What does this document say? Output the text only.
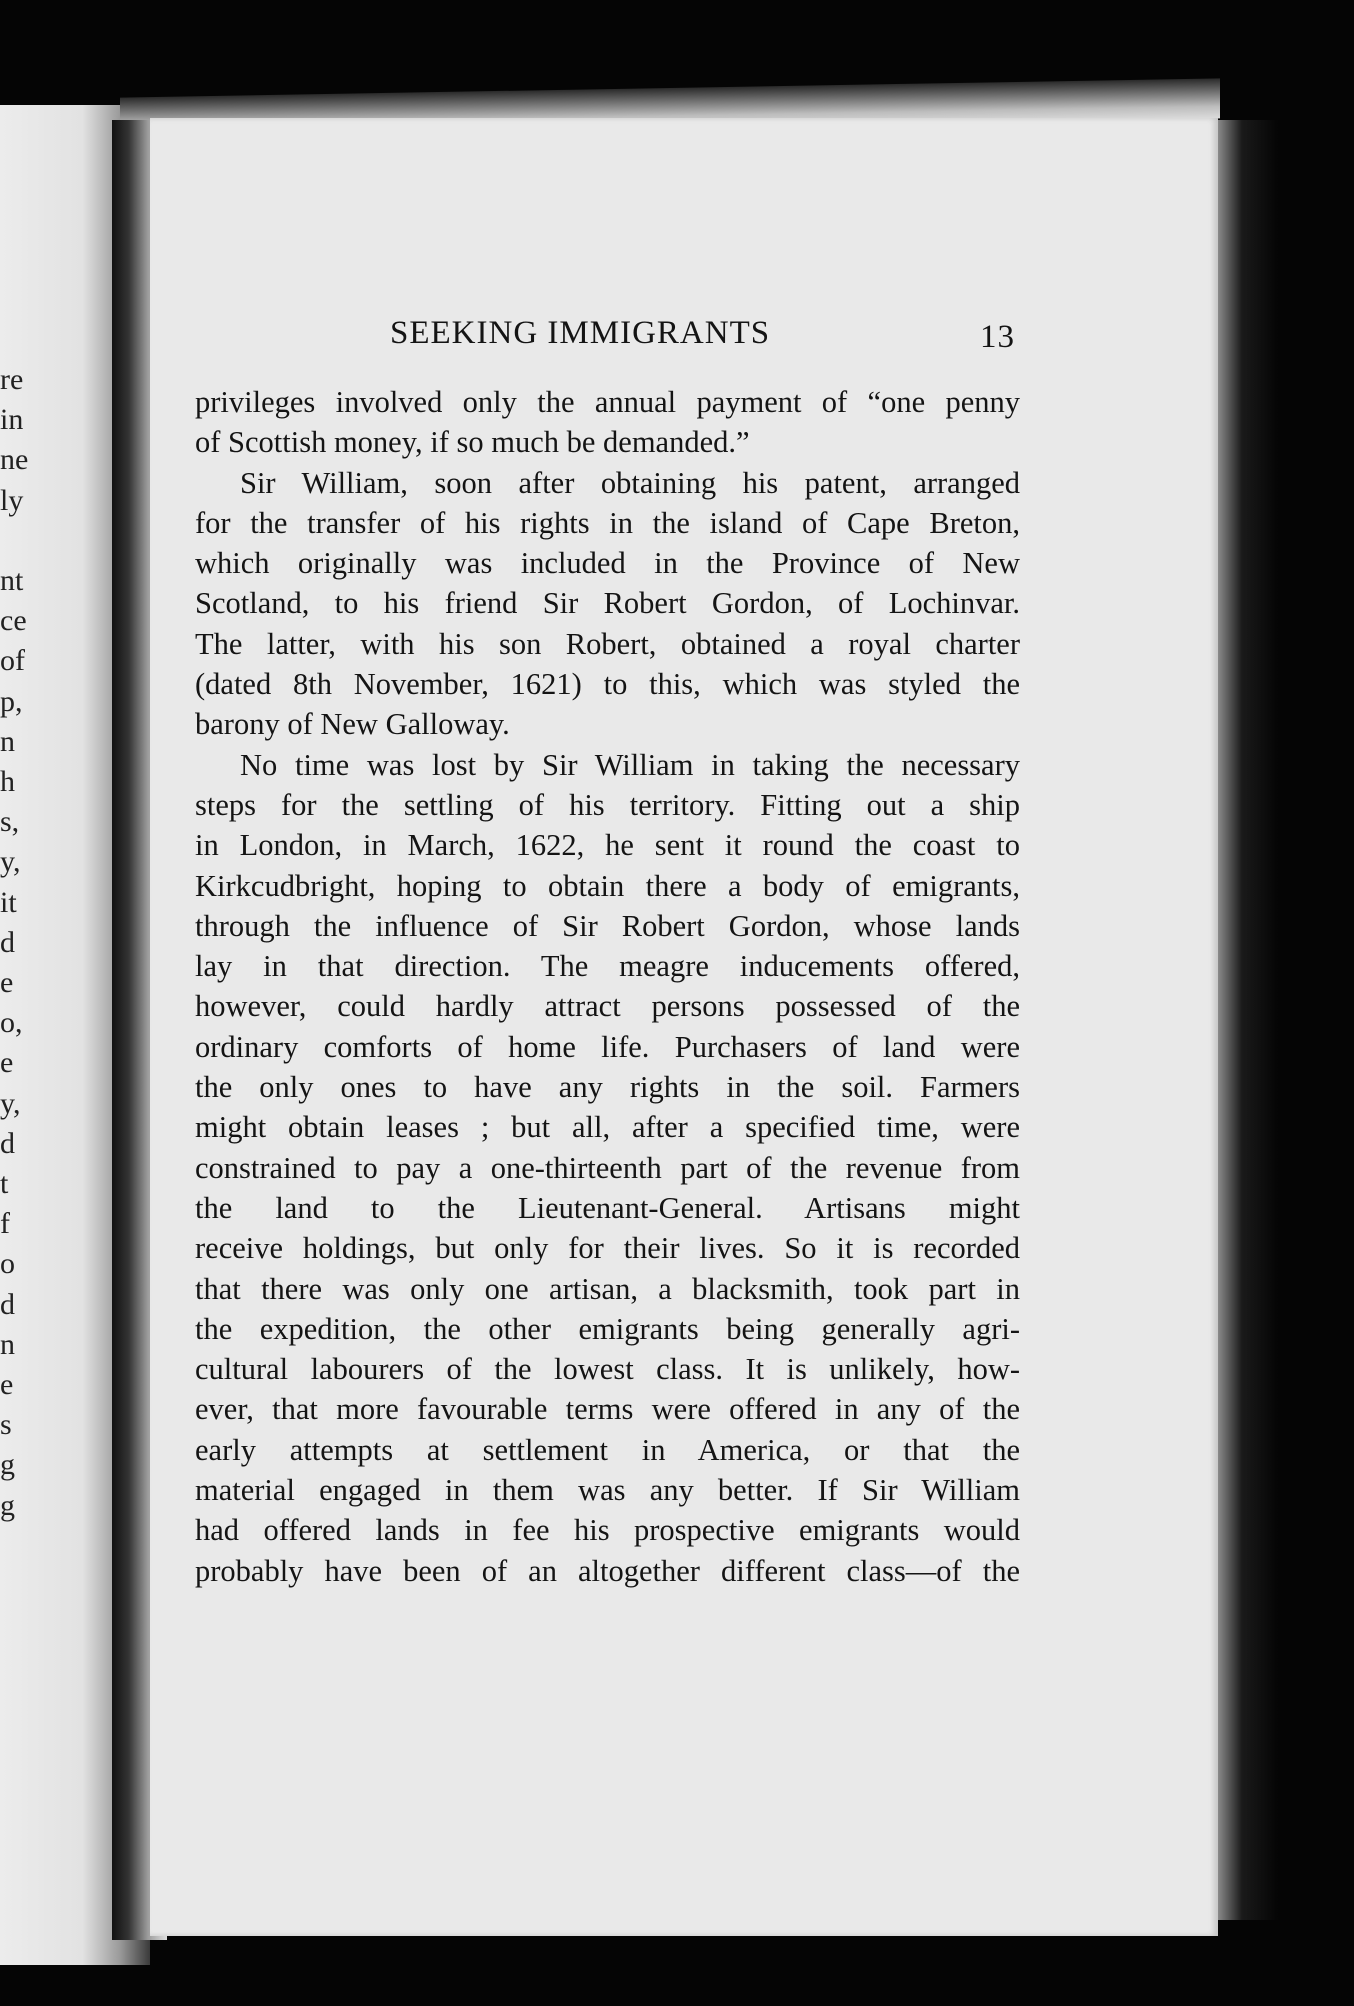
re
in
ne
ly

nt
ce
of
p,
n
h
s,
y,
it
d
e
o,
e
y,
d
t
f
o
d
n
e
s
g
g
SEEKING IMMIGRANTS	13
privileges involved only the annual payment of “one penny
of Scottish money, if so much be demanded.”
Sir William, soon after obtaining his patent, arranged
for the transfer of his rights in the island of Cape Breton,
which originally was included in the Province of New
Scotland, to his friend Sir Robert Gordon, of Lochinvar.
The latter, with his son Robert, obtained a royal charter
(dated 8th November, 1621) to this, which was styled the
barony of New Galloway.
No time was lost by Sir William in taking the necessary
steps for the settling of his territory. Fitting out a ship
in London, in March, 1622, he sent it round the coast to
Kirkcudbright, hoping to obtain there a body of emigrants,
through the influence of Sir Robert Gordon, whose lands
lay in that direction. The meagre inducements offered,
however, could hardly attract persons possessed of the
ordinary comforts of home life. Purchasers of land were
the only ones to have any rights in the soil. Farmers
might obtain leases ; but all, after a specified time, were
constrained to pay a one-thirteenth part of the revenue from
the land to the Lieutenant-General. Artisans might
receive holdings, but only for their lives. So it is recorded
that there was only one artisan, a blacksmith, took part in
the expedition, the other emigrants being generally agri-
cultural labourers of the lowest class. It is unlikely, how-
ever, that more favourable terms were offered in any of the
early attempts at settlement in America, or that the
material engaged in them was any better. If Sir William
had offered lands in fee his prospective emigrants would
probably have been of an altogether different class—of the
